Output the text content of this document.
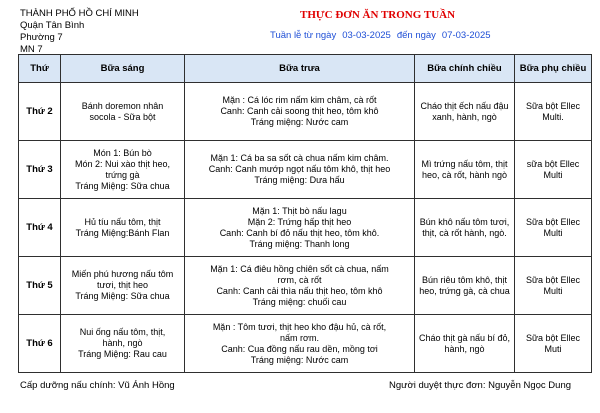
THÀNH PHỐ HỒ CHÍ MINH
Quận Tân Bình
Phường 7
MN 7
THỰC ĐƠN ĂN TRONG TUẦN
Tuần lễ từ ngày 03-03-2025 đến ngày 07-03-2025
Thứ	Bữa sáng	Bữa trưa	Bữa chính chiều	Bữa phụ chiều
Thứ 2	Bánh doremon nhân
socola - Sữa bột	Mặn : Cá lóc rim nấm kim châm, cà rốt
Canh: Canh cải soong thịt heo, tôm khô
Tráng miệng: Nước cam	Cháo thịt ếch nấu đậu
xanh, hành, ngò	Sữa bột Ellec
Multi.

Thứ 3	Món 1: Bún bò
Món 2: Nui xào thịt heo,
trứng gà
Tráng Miệng: Sữa chua	Mặn 1: Cá ba sa sốt cà chua nấm kim châm.
Canh: Canh mướp ngọt nấu tôm khô, thịt heo
Tráng miệng: Dưa hấu	Mì trứng nấu tôm, thịt
heo, cà rốt, hành ngò	sữa bột Ellec Multi

Thứ 4	Hủ tíu nấu tôm, thịt
Tráng Miệng:Bánh Flan	Mặn 1: Thịt bò nấu lagu
Mặn 2: Trứng hấp thịt heo
Canh: Canh bí đỏ nấu thịt heo, tôm khô.
Tráng miệng: Thanh long	Bún khô nấu tôm tươi,
thịt, cà rốt hành, ngò.	Sữa bột Ellec
Multi

Thứ 5	Miến phú hương nấu tôm
tươi, thịt heo
Tráng Miệng: Sữa chua	Mặn 1: Cá điêu hồng chiên sốt cà chua, nấm
rơm, cà rốt
Canh: Canh cải thìa nấu thịt heo, tôm khô
Tráng miệng: chuối cau	Bún riêu tôm khô, thịt
heo, trứng gà, cà chua	Sữa bột Ellec
Multi

Thứ 6	Nui ống nấu tôm, thịt,
hành, ngò
Tráng Miệng: Rau cau	Mặn : Tôm tươi, thịt heo kho đậu hủ, cà rốt,
nấm rơm.
Canh: Cua đồng nấu rau dền, mồng tơi
Tráng miệng: Nước cam	Cháo thịt gà nấu bí đỏ,
hành, ngò	Sữa bột Ellec Muti
Cấp dưỡng nấu chính: Vũ Ánh Hồng	Người duyệt thực đơn: Nguyễn Ngọc Dung
